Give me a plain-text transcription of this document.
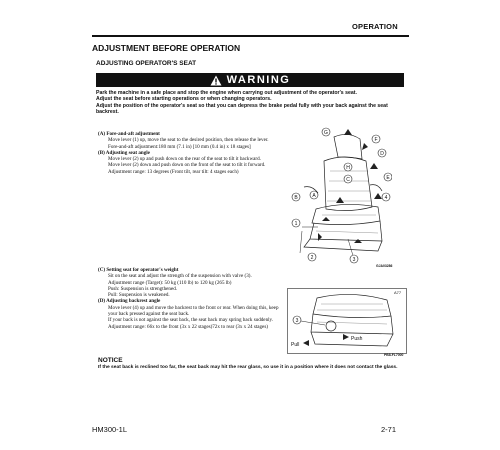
OPERATION
ADJUSTMENT BEFORE OPERATION
ADJUSTING OPERATOR'S SEAT
WARNING

Park the machine in a safe place and stop the engine when carrying out adjustment of the operator's seat.

Adjust the seat before starting operations or when changing operators.

Adjust the position of the operator's seat so that you can depress the brake pedal fully with your back against the seat backrest.

(A) Fore-and-aft adjustment
Move lever (1) up, move the seat to the desired position, then release the lever.
Fore-and-aft adjustment:180 mm (7.1 in) [10 mm (0.4 in) x 18 stages]
(B) Adjusting seat angle
Move lever (2) up and push down on the rear of the seat to tilt it backward.
Move lever (2) down and push down on the front of the seat to tilt it forward.
Adjustment range: 13 degrees (Front tilt, rear tilt: 4 stages each)
(C) Setting seat for operator's weight
Sit on the seat and adjust the strength of the suspension with valve (3).
Adjustment range (Target): 50 kg (110 lb) to 120 kg (265 lb)
Push: Suspension is strengthened.
Pull: Suspension is weakened.
(D) Adjusting backrest angle
Move lever (4) up and move the backrest to the front or rear. When doing this, keep your back pressed against the seat back.
If your back is not against the seat back, the seat back may spring back suddenly.
Adjustment range: 66x to the front (3x x 22 stages)72x to rear (3x x 24 stages)
NOTICE
If the seat back is reclined too far, the seat back may hit the rear glass, so use it in a position where it does not contact the glass.
G
F
D
H
C	E
B	A	4
1
2	3
GJA03286
3
Push
Pull
A77
PB8-FL7000
HM300-1L	2-71
